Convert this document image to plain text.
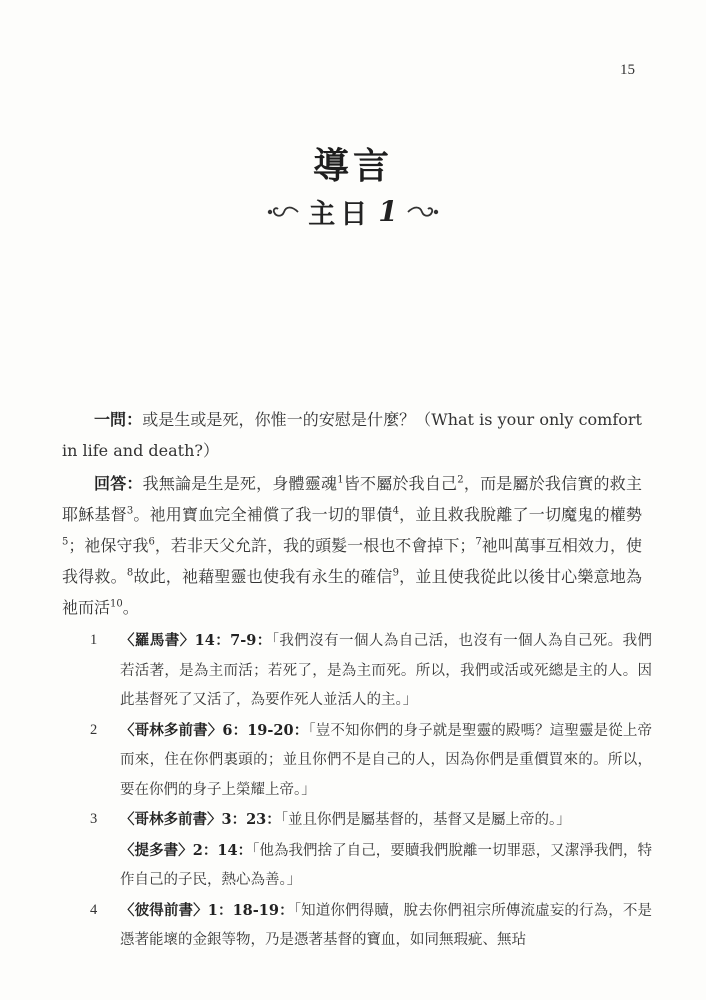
15
導言
主日 1

一問：或是生或是死，你惟一的安慰是什麼？（What is your only comfort in life and death?）

回答：我無論是生是死，身體靈魂$^1$皆不屬於我自己$^2$，而是屬於我信實的救主耶穌基督$^3$。祂用寶血完全補償了我一切的罪債$^4$，並且救我脫離了一切魔鬼的權勢$^5$；祂保守我$^6$，若非天父允許，我的頭髮一根也不會掉下；$^7$祂叫萬事互相效力，使我得救。$^8$故此，祂藉聖靈也使我有永生的確信$^9$，並且使我從此以後甘心樂意地為祂而活$^{10}$。

1	〈羅馬書〉14：7-9：「我們沒有一個人為自己活，也沒有一個人為自己死。我們若活著，是為主而活；若死了，是為主而死。所以，我們或活或死總是主的人。因此基督死了又活了，為要作死人並活人的主。」
2	〈哥林多前書〉6：19-20：「豈不知你們的身子就是聖靈的殿嗎？這聖靈是從上帝而來，住在你們裏頭的；並且你們不是自己的人，因為你們是重價買來的。所以，要在你們的身子上榮耀上帝。」
3	〈哥林多前書〉3：23：「並且你們是屬基督的，基督又是屬上帝的。」
〈提多書〉2：14：「他為我們捨了自己，要贖我們脫離一切罪惡，又潔淨我們，特作自己的子民，熱心為善。」
4	〈彼得前書〉1：18-19：「知道你們得贖，脫去你們祖宗所傳流虛妄的行為，不是憑著能壞的金銀等物，乃是憑著基督的寶血，如同無瑕疵、無玷
